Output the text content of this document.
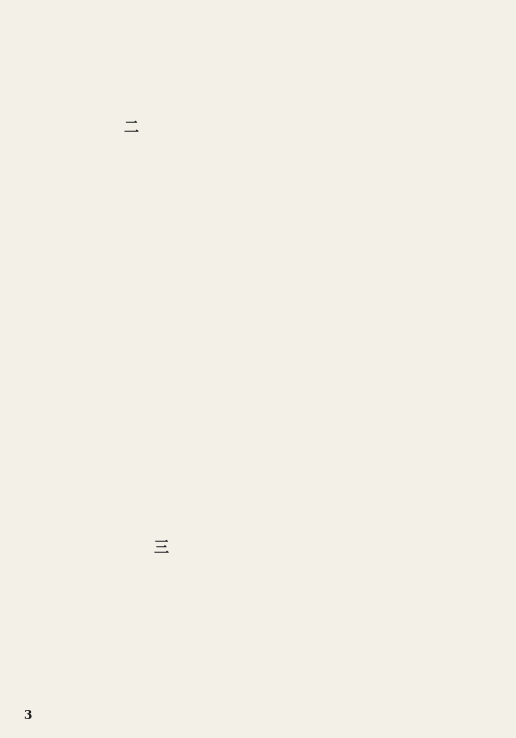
二
三
3
